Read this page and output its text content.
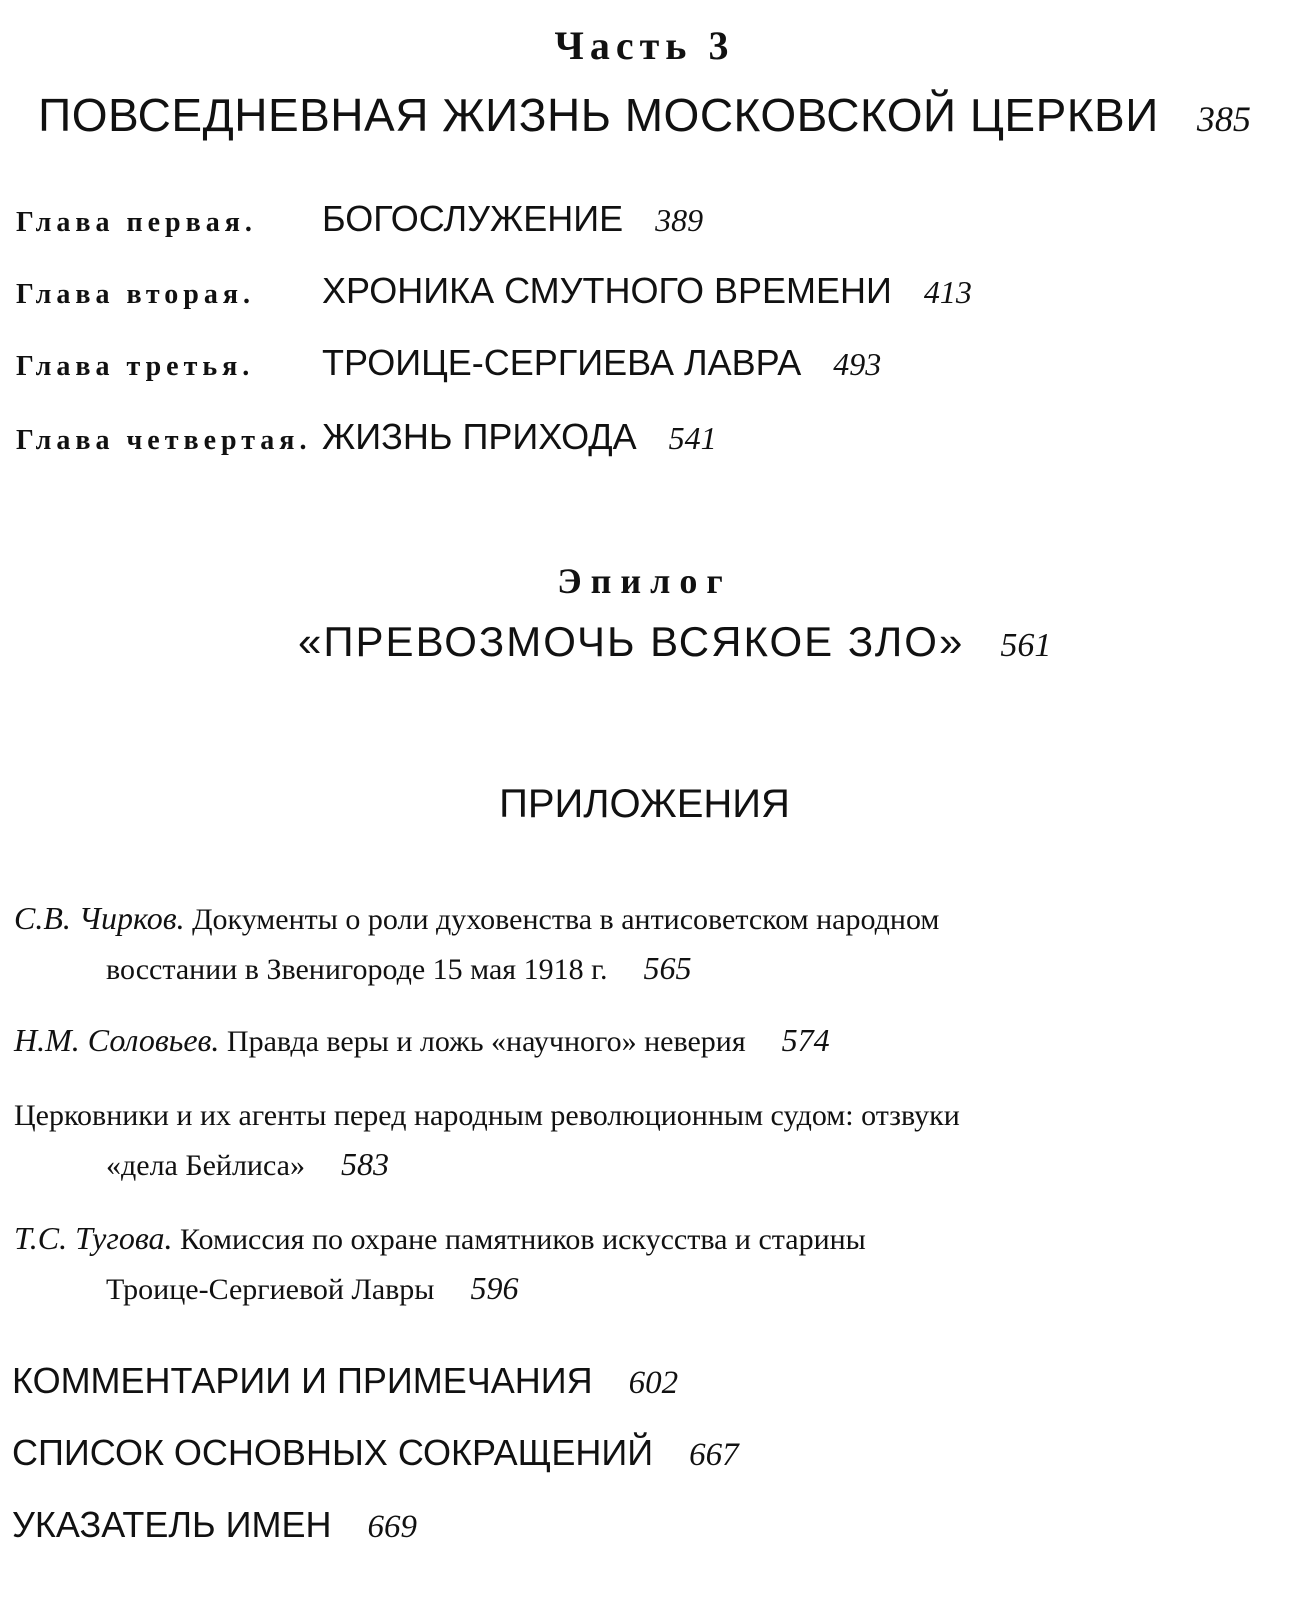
Часть 3
ПОВСЕДНЕВНАЯ ЖИЗНЬ МОСКОВСКОЙ ЦЕРКВИ 385
Глава первая.	БОГОСЛУЖЕНИЕ 389
Глава вторая.	ХРОНИКА СМУТНОГО ВРЕМЕНИ 413
Глава третья.	ТРОИЦЕ-СЕРГИЕВА ЛАВРА 493
Глава четвертая. ЖИЗНЬ ПРИХОДА 541
Эпилог
«ПРЕВОЗМОЧЬ ВСЯКОЕ ЗЛО» 561
ПРИЛОЖЕНИЯ
С.В. Чирков. Документы о роли духовенства в антисоветском народном
восстании в Звенигороде 15 мая 1918 г. 565
Н.М. Соловьев. Правда веры и ложь «научного» неверия 574
Церковники и их агенты перед народным революционным судом: отзвуки
«дела Бейлиса» 583
Т.С. Тугова. Комиссия по охране памятников искусства и старины
Троице-Сергиевой Лавры 596
КОММЕНТАРИИ И ПРИМЕЧАНИЯ 602
СПИСОК ОСНОВНЫХ СОКРАЩЕНИЙ 667
УКАЗАТЕЛЬ ИМЕН 669
